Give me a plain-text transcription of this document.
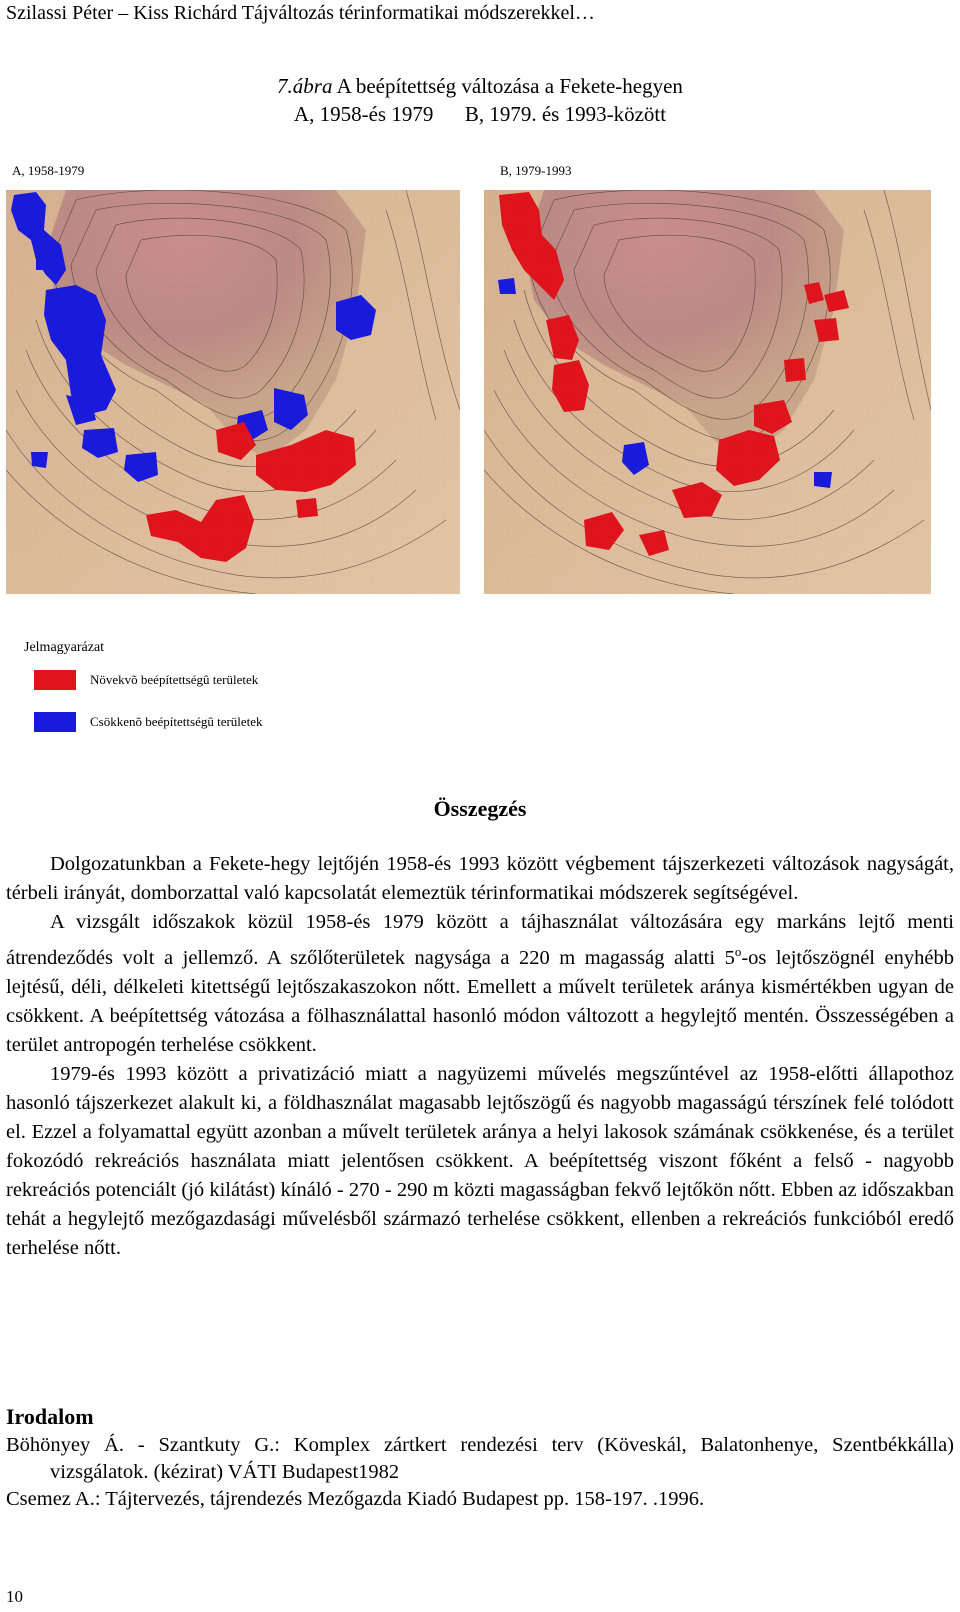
Szilassi Péter – Kiss Richárd Tájváltozás térinformatikai módszerekkel…
7.ábra A beépítettség változása a Fekete-hegyen
A, 1958-és 1979      B, 1979. és 1993-között
A, 1958-1979	B, 1979-1993
Jelmagyarázat
Növekvõ beépítettségû területek
Csökkenõ beépítettségû területek
Összegzés

Dolgozatunkban a Fekete-hegy lejtőjén 1958-és 1993 között végbement tájszerkezeti változások nagyságát, térbeli irányát, domborzattal való kapcsolatát elemeztük térinformatikai módszerek segítségével.

A vizsgált időszakok közül 1958-és 1979 között a tájhasználat változására egy markáns lejtő menti átrendeződés volt a jellemző. A szőlőterületek nagysága a 220 m magasság alatti 5$^o$-os lejtőszögnél enyhébb lejtésű, déli, délkeleti kitettségű lejtőszakaszokon nőtt. Emellett a művelt területek aránya kismértékben ugyan de csökkent. A beépítettség vátozása a fölhasználattal hasonló módon változott a hegylejtő mentén. Összességében a terület antropogén terhelése csökkent.

1979-és 1993 között a privatizáció miatt a nagyüzemi művelés megszűntével az 1958-előtti állapothoz hasonló tájszerkezet alakult ki, a földhasználat magasabb lejtőszögű és nagyobb magasságú térszínek felé tolódott el. Ezzel a folyamattal együtt azonban a művelt területek aránya a helyi lakosok számának csökkenése, és a terület fokozódó rekreációs használata miatt jelentősen csökkent. A beépítettség viszont főként a felső - nagyobb rekreációs potenciált (jó kilátást) kínáló - 270 - 290 m közti magasságban fekvő lejtőkön nőtt. Ebben az időszakban tehát a hegylejtő mezőgazdasági művelésből származó terhelése csökkent, ellenben a rekreációs funkcióból eredő terhelése nőtt.

Irodalom

Böhönyey Á. - Szantkuty G.: Komplex zártkert rendezési terv (Köveskál, Balatonhenye, Szentbékkálla) vizsgálatok. (kézirat) VÁTI Budapest1982

Csemez A.: Tájtervezés, tájrendezés Mezőgazda Kiadó Budapest pp. 158-197. .1996.

10
